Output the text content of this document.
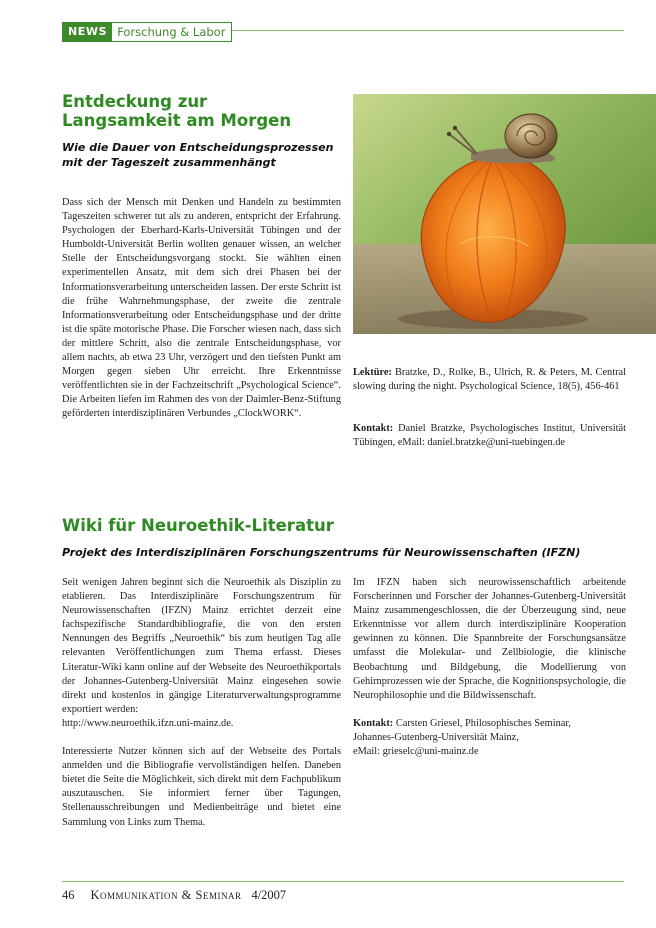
NEWS Forschung & Labor
Entdeckung zur
Langsamkeit am Morgen

Wie die Dauer von Entscheidungsprozessen
mit der Tageszeit zusammenhängt

Dass sich der Mensch mit Denken und Handeln zu bestimmten Tageszeiten schwerer tut als zu anderen, entspricht der Erfahrung. Psychologen der Eberhard-Karls-Universität Tübingen und der Humboldt-Universität Berlin wollten genauer wissen, an welcher Stelle der Entscheidungsvorgang stockt. Sie wählten einen experimentellen Ansatz, mit dem sich drei Phasen bei der Informationsverarbeitung unterscheiden lassen. Der erste Schritt ist die frühe Wahrnehmungsphase, der zweite die zentrale Informationsverarbeitung oder Entscheidungsphase und der dritte ist die späte motorische Phase. Die Forscher wiesen nach, dass sich der mittlere Schritt, also die zentrale Entscheidungsphase, vor allem nachts, ab etwa 23 Uhr, verzögert und den tiefsten Punkt am Morgen gegen sieben Uhr erreicht. Ihre Erkenntnisse veröffentlichten sie in der Fachzeitschrift „Psychological Science“. Die Arbeiten liefen im Rahmen des von der Daimler-Benz-Stiftung geförderten interdisziplinären Verbundes „ClockWORK“.

Lektüre: Bratzke, D., Rolke, B., Ulrich, R. & Peters, M. Central slowing during the night. Psychological Science, 18(5), 456-461
Kontakt: Daniel Bratzke, Psychologisches Institut, Universität Tübingen, eMail: daniel.bratzke@uni-tuebingen.de
Wiki für Neuroethik-Literatur

Projekt des Interdisziplinären Forschungszentrums für Neurowissenschaften (IFZN)

Seit wenigen Jahren beginnt sich die Neuroethik als Disziplin zu etablieren. Das Interdisziplinäre Forschungszentrum für Neurowissenschaften (IFZN) Mainz errichtet derzeit eine fachspezifische Standardbibliografie, die von den ersten Nennungen des Begriffs „Neuroethik“ bis zum heutigen Tag alle relevanten Veröffentlichungen zum Thema erfasst. Dieses Literatur-Wiki kann online auf der Webseite des Neuroethikportals der Johannes-Gutenberg-Universität Mainz eingesehen sowie direkt und kostenlos in gängige Literaturverwaltungsprogramme exportiert werden:

http://www.neuroethik.ifzn.uni-mainz.de.

Interessierte Nutzer können sich auf der Webseite des Portals anmelden und die Bibliografie vervollständigen helfen. Daneben bietet die Seite die Möglichkeit, sich direkt mit dem Fachpublikum auszutauschen. Sie informiert ferner über Tagungen, Stellenausschreibungen und Medienbeiträge und bietet eine Sammlung von Links zum Thema.

Im IFZN haben sich neurowissenschaftlich arbeitende Forscherinnen und Forscher der Johannes-Gutenberg-Universität Mainz zusammengeschlossen, die der Überzeugung sind, neue Erkenntnisse vor allem durch interdisziplinäre Kooperation gewinnen zu können. Die Spannbreite der Forschungsansätze umfasst die Molekular- und Zellbiologie, die klinische Beobachtung und Bildgebung, die Modellierung von Gehirnprozessen wie der Sprache, die Kognitionspsychologie, die Neurophilosophie und die Bildwissenschaft.

Kontakt: Carsten Griesel, Philosophisches Seminar,
Johannes-Gutenberg-Universität Mainz,
eMail: grieselc@uni-mainz.de

46 Kommunikation & Seminar 4/2007
